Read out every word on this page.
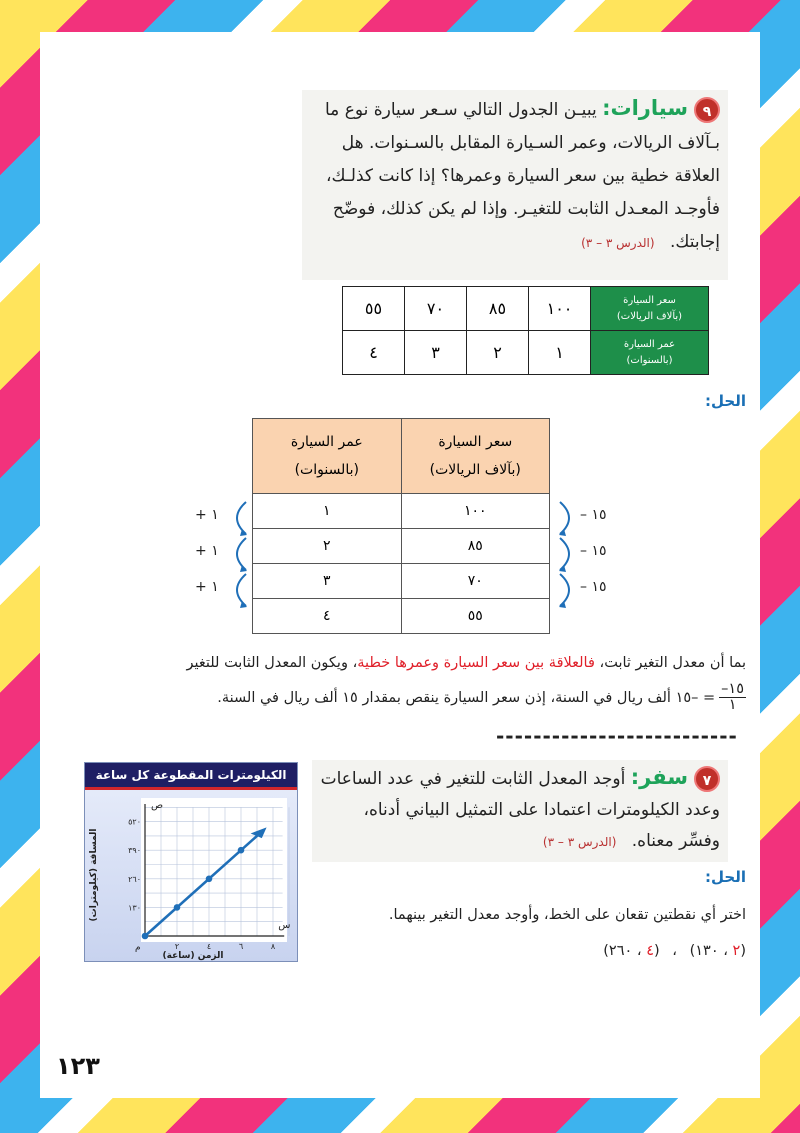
٩سيارات: يبيـن الجدول التالي سـعر سيارة نوع ما بـآلاف الريالات، وعمر السـيارة المقابل بالسـنوات. هل العلاقة خطية بين سعر السيارة وعمرها؟ إذا كانت كذلـك، فأوجـد المعـدل الثابت للتغيـر. وإذا لم يكن كذلك، فوضّح إجابتك. (الدرس ٣ – ٣)
سعر السيارة
(بآلاف الريالات)	١٠٠	٨٥	٧٠	٥٥
عمر السيارة
(بالسنوات)	١	٢	٣	٤
الحل:
سعر السيارة
(بآلاف الريالات)	عمر السيارة
(بالسنوات)
١٠٠	١
٨٥	٢
٧٠	٣
٥٥	٤
+ ١
+ ١
+ ١
– ١٥
– ١٥
– ١٥
بما أن معدل التغير ثابت، فالعلاقة بين سعر السيارة وعمرها خطية، ويكون المعدل الثابت للتغير
١٥–
١
= –١٥ ألف ريال في السنة، إذن سعر السيارة ينقص بمقدار ١٥ ألف ريال في السنة.
--------------------------
٧سفر: أوجد المعدل الثابت للتغير في عدد الساعات وعدد الكيلومترات اعتمادا على التمثيل البياني أدناه، وفسِّر معناه. (الدرس ٣ – ٣)
الكيلومترات المقطوعة كل ساعة
ص
س
م
١٣٠
٢٦٠
٣٩٠
٥٢٠
٢	٤	٦	٨
المسافة (كيلومترات)
الزمن (ساعة)
الحل:
اختر أي نقطتين تقعان على الخط، وأوجد معدل التغير بينهما.
(٢ ، ١٣٠) ، (٤ ، ٢٦٠)
١٢٣
